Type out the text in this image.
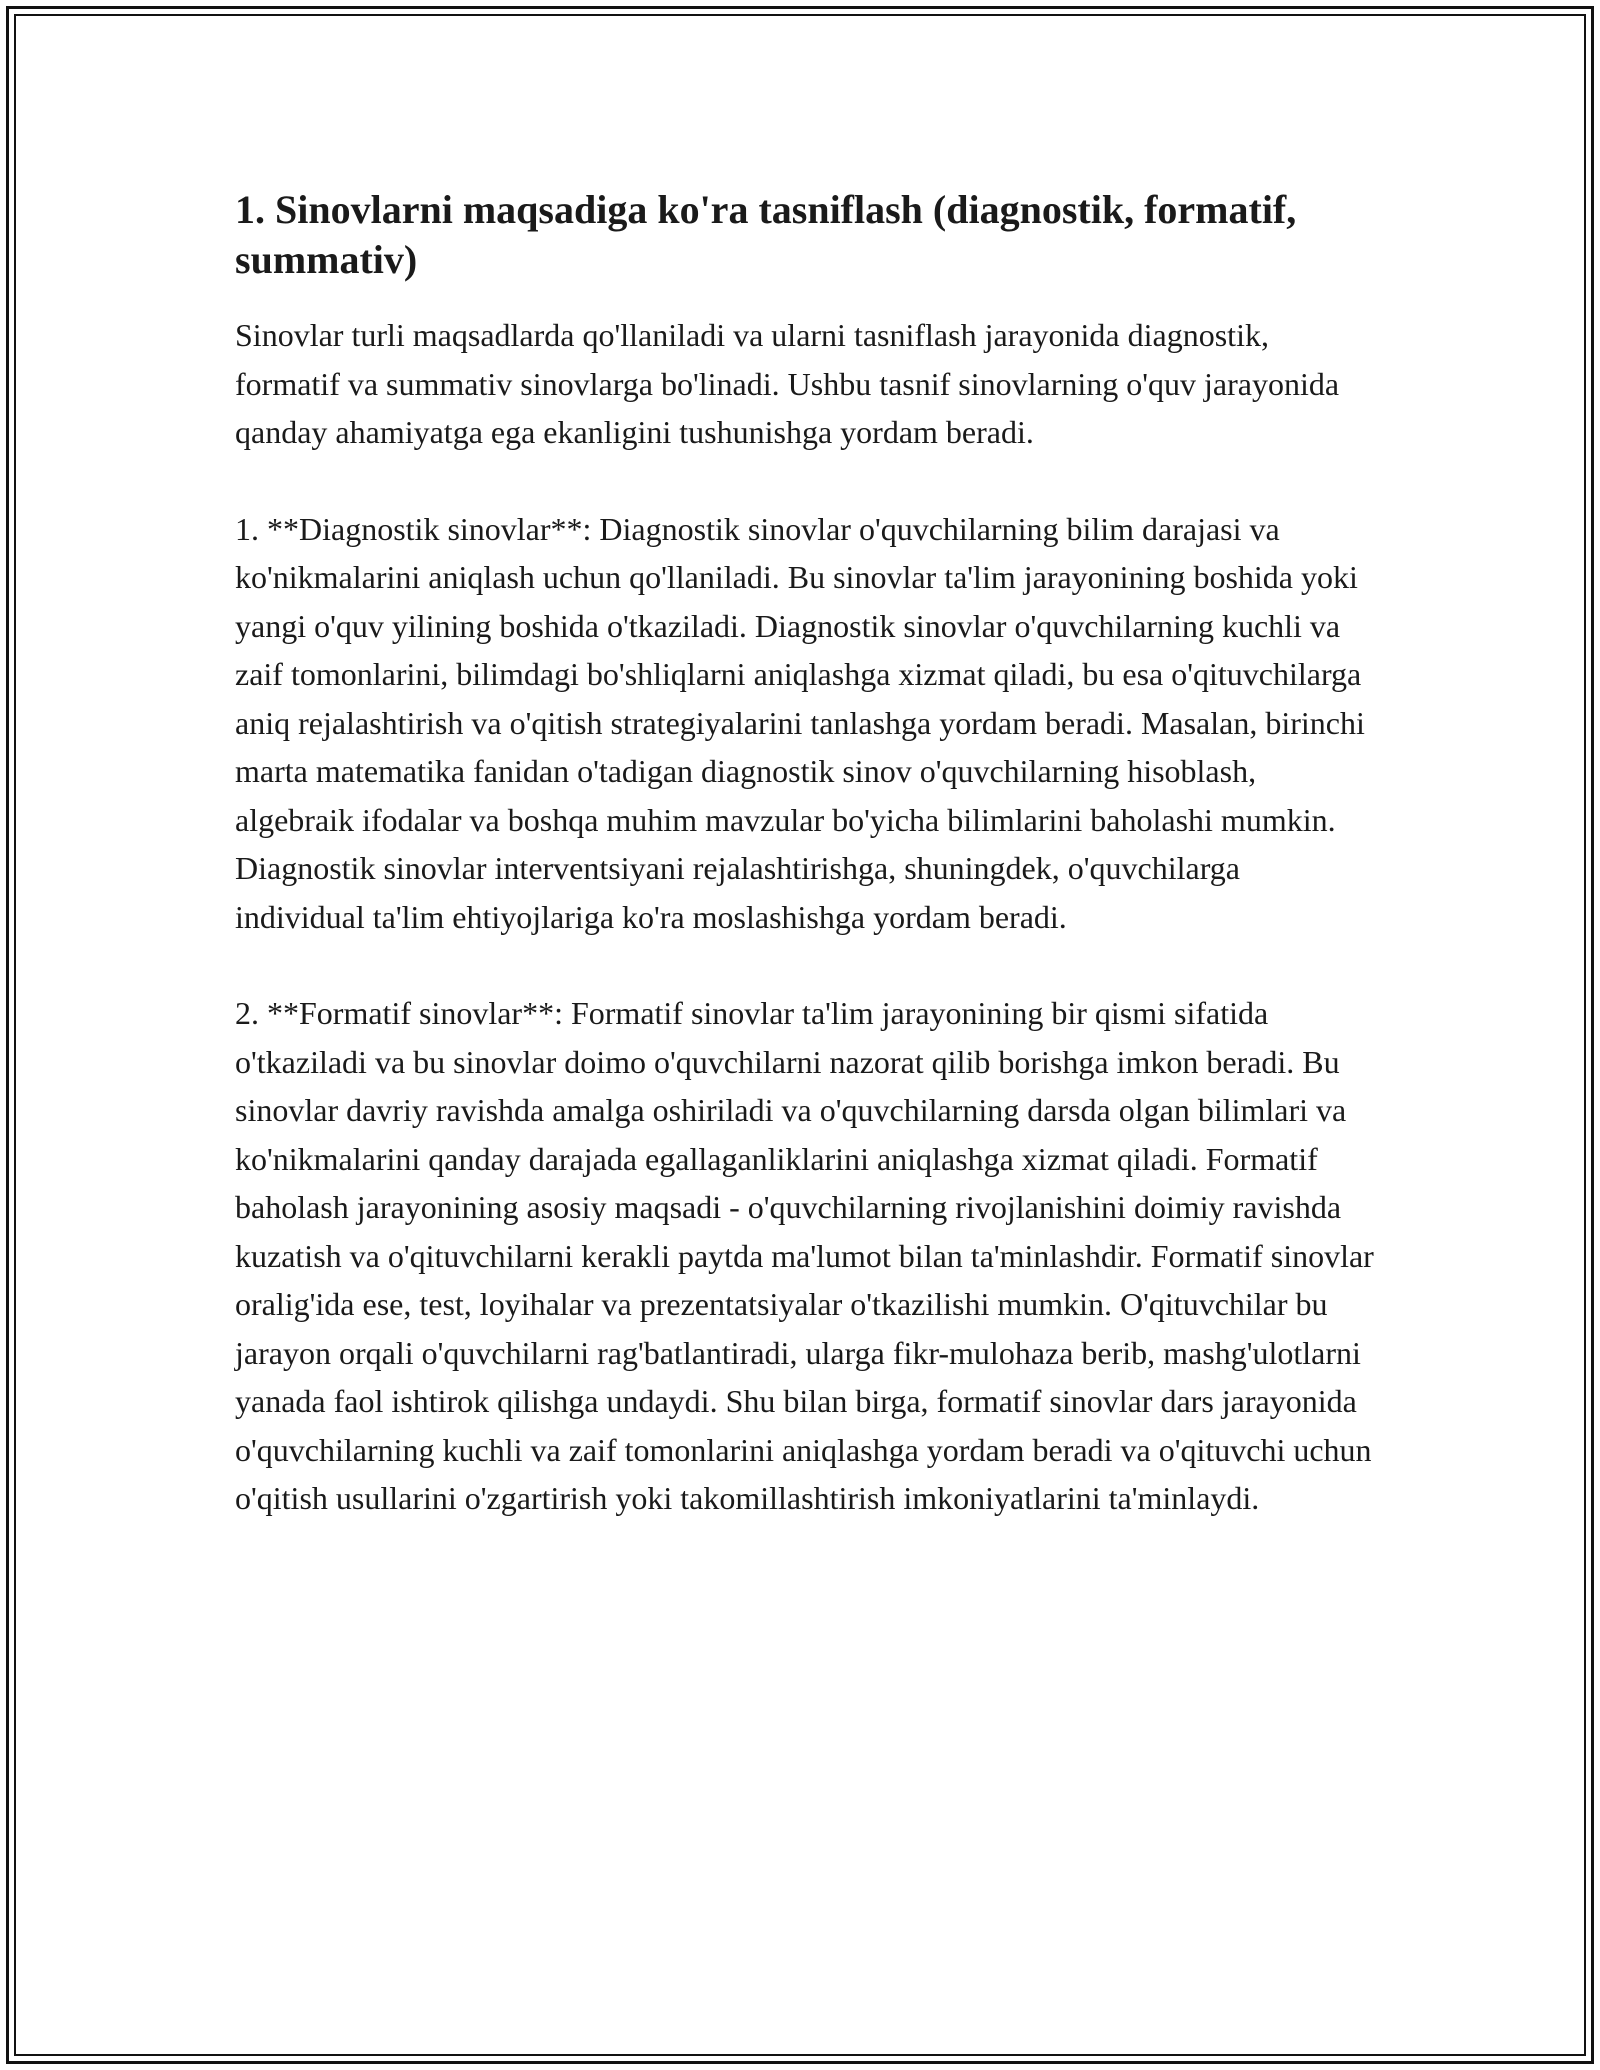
1. Sinovlarni maqsadiga ko'ra tasniflash (diagnostik, formatif, summativ)

Sinovlar turli maqsadlarda qo'llaniladi va ularni tasniflash jarayonida diagnostik, formatif va summativ sinovlarga bo'linadi. Ushbu tasnif sinovlarning o'quv jarayonida qanday ahamiyatga ega ekanligini tushunishga yordam beradi.

1. **Diagnostik sinovlar**: Diagnostik sinovlar o'quvchilarning bilim darajasi va ko'nikmalarini aniqlash uchun qo'llaniladi. Bu sinovlar ta'lim jarayonining boshida yoki yangi o'quv yilining boshida o'tkaziladi. Diagnostik sinovlar o'quvchilarning kuchli va zaif tomonlarini, bilimdagi bo'shliqlarni aniqlashga xizmat qiladi, bu esa o'qituvchilarga aniq rejalashtirish va o'qitish strategiyalarini tanlashga yordam beradi. Masalan, birinchi marta matematika fanidan o'tadigan diagnostik sinov o'quvchilarning hisoblash, algebraik ifodalar va boshqa muhim mavzular bo'yicha bilimlarini baholashi mumkin. Diagnostik sinovlar interventsiyani rejalashtirishga, shuningdek, o'quvchilarga individual ta'lim ehtiyojlariga ko'ra moslashishga yordam beradi.

2. **Formatif sinovlar**: Formatif sinovlar ta'lim jarayonining bir qismi sifatida o'tkaziladi va bu sinovlar doimo o'quvchilarni nazorat qilib borishga imkon beradi. Bu sinovlar davriy ravishda amalga oshiriladi va o'quvchilarning darsda olgan bilimlari va ko'nikmalarini qanday darajada egallaganliklarini aniqlashga xizmat qiladi. Formatif baholash jarayonining asosiy maqsadi - o'quvchilarning rivojlanishini doimiy ravishda kuzatish va o'qituvchilarni kerakli paytda ma'lumot bilan ta'minlashdir. Formatif sinovlar oralig'ida ese, test, loyihalar va prezentatsiyalar o'tkazilishi mumkin. O'qituvchilar bu jarayon orqali o'quvchilarni rag'batlantiradi, ularga fikr-mulohaza berib, mashg'ulotlarni yanada faol ishtirok qilishga undaydi. Shu bilan birga, formatif sinovlar dars jarayonida o'quvchilarning kuchli va zaif tomonlarini aniqlashga yordam beradi va o'qituvchi uchun o'qitish usullarini o'zgartirish yoki takomillashtirish imkoniyatlarini ta'minlaydi.
